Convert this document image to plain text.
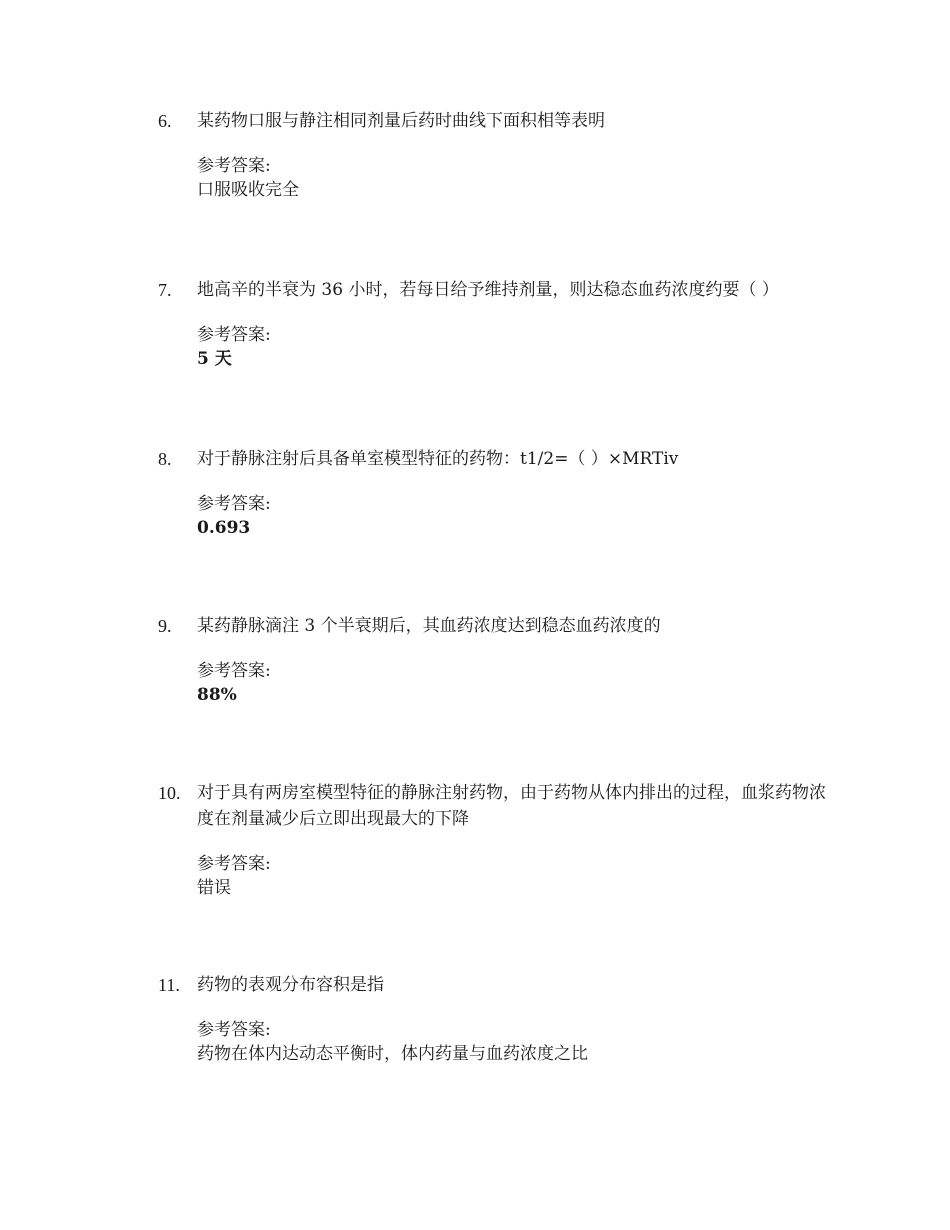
6.	某药物口服与静注相同剂量后药时曲线下面积相等表明
参考答案:
口服吸收完全
7.	地高辛的半衰为 36 小时，若每日给予维持剂量，则达稳态血药浓度约要（ ）
参考答案:
5 天
8.	对于静脉注射后具备单室模型特征的药物：t1/2=（ ）×MRTiv
参考答案:
0.693
9.	某药静脉滴注 3 个半衰期后，其血药浓度达到稳态血药浓度的
参考答案:
88%
10. 对于具有两房室模型特征的静脉注射药物，由于药物从体内排出的过程，血浆药物浓度在剂量减少后立即出现最大的下降
参考答案:
错误
11.	药物的表观分布容积是指
参考答案:
药物在体内达动态平衡时，体内药量与血药浓度之比
